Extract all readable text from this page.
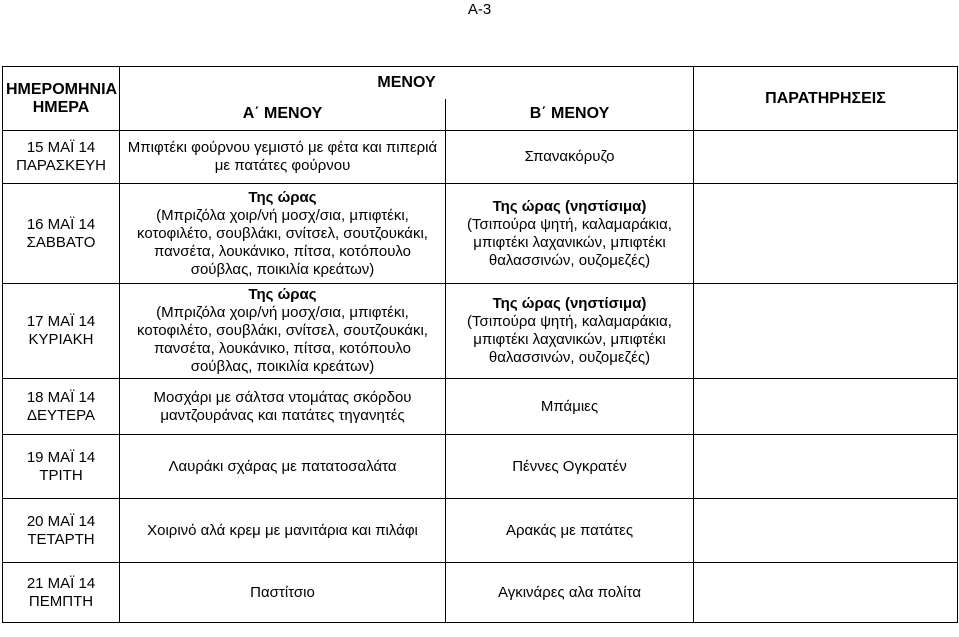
A-3
ΗΜΕΡΟΜΗΝΙΑ ΗΜΕΡΑ	ΜΕΝΟΥ		ΠΑΡΑΤΗΡΗΣΕΙΣ
	Α΄ ΜΕΝΟΥ	Β΄ ΜΕΝΟΥ	

15 ΜΑΪ 14
ΠΑΡΑΣΚΕΥΗ	Μπιφτέκι φούρνου γεμιστό με φέτα και πιπεριά με πατάτες φούρνου	Σπανακόρυζο	

16 ΜΑΪ 14
ΣΑΒΒΑΤΟ	Της ώρας
(Μπριζόλα χοιρ/νή μοσχ/σια, μπιφτέκι, κοτοφιλέτο, σουβλάκι, σνίτσελ, σουτζουκάκι, πανσέτα, λουκάνικο, πίτσα, κοτόπουλο σούβλας, ποικιλία κρεάτων)	Της ώρας (νηστίσιμα)
(Τσιπούρα ψητή, καλαμαράκια, μπιφτέκι λαχανικών, μπιφτέκι θαλασσινών, ουζομεζές)	

17 ΜΑΪ 14
ΚΥΡΙΑΚΗ	Της ώρας
(Μπριζόλα χοιρ/νή μοσχ/σια, μπιφτέκι, κοτοφιλέτο, σουβλάκι, σνίτσελ, σουτζουκάκι, πανσέτα, λουκάνικο, πίτσα, κοτόπουλο σούβλας, ποικιλία κρεάτων)	Της ώρας (νηστίσιμα)
(Τσιπούρα ψητή, καλαμαράκια, μπιφτέκι λαχανικών, μπιφτέκι θαλασσινών, ουζομεζές)	

18 ΜΑΪ 14
ΔΕΥΤΕΡΑ	Μοσχάρι με σάλτσα ντομάτας σκόρδου μαντζουράνας και πατάτες τηγανητές	Μπάμιες	

19 ΜΑΪ 14
ΤΡΙΤΗ	Λαυράκι σχάρας με πατατοσαλάτα	Πέννες Ογκρατέν	

20 ΜΑΪ 14
ΤΕΤΑΡΤΗ	Χοιρινό αλά κρεμ με μανιτάρια και πιλάφι	Αρακάς με πατάτες	

21 ΜΑΪ 14
ΠΕΜΠΤΗ	Παστίτσιο	Αγκινάρες αλα πολίτα	
